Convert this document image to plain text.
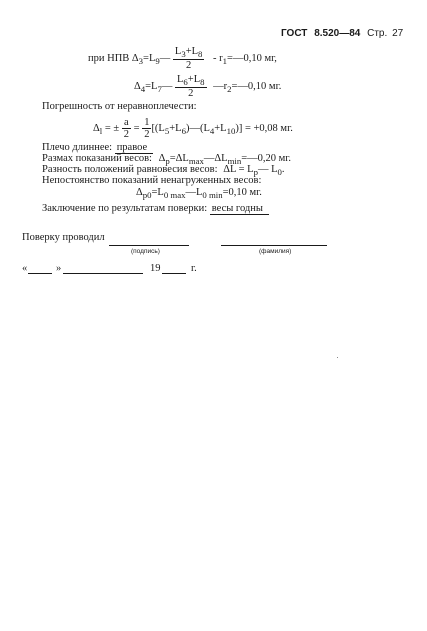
ГОСТ 8.520—84 Стр. 27
при НПВ $\Delta_3=L_9— \frac{L_3+L_8}{2}$ - $r_1=—0,10$ мг,
$\Delta_4=L_7— \frac{L_6+L_8}{2}$ $—r_2=—0,10$ мг.
Погрешность от неравноплечести:
$\Delta_l$ = ± $\frac{a}{2} = \frac{1}{2}$ $[(L_5+L_6)—(L_4+L_{10})] = +0,08$ мг.
Плечо длиннее: правое
Размах показаний весов: $\Delta_p=\Delta L_{max}—\Delta L_{min}=—0,20$ мг.
Разность положений равновесия весов: $\Delta L = L_p—$ $L_0$.
Непостоянство показаний ненагруженных весов:
$\Delta_{p0}=L_{0 max}—L_{0 min}=0,10$ мг.
Заключение по результатам поверки: весы годны
Поверку проводил
(подпись)	(фамилия)
«	»	19	г.
